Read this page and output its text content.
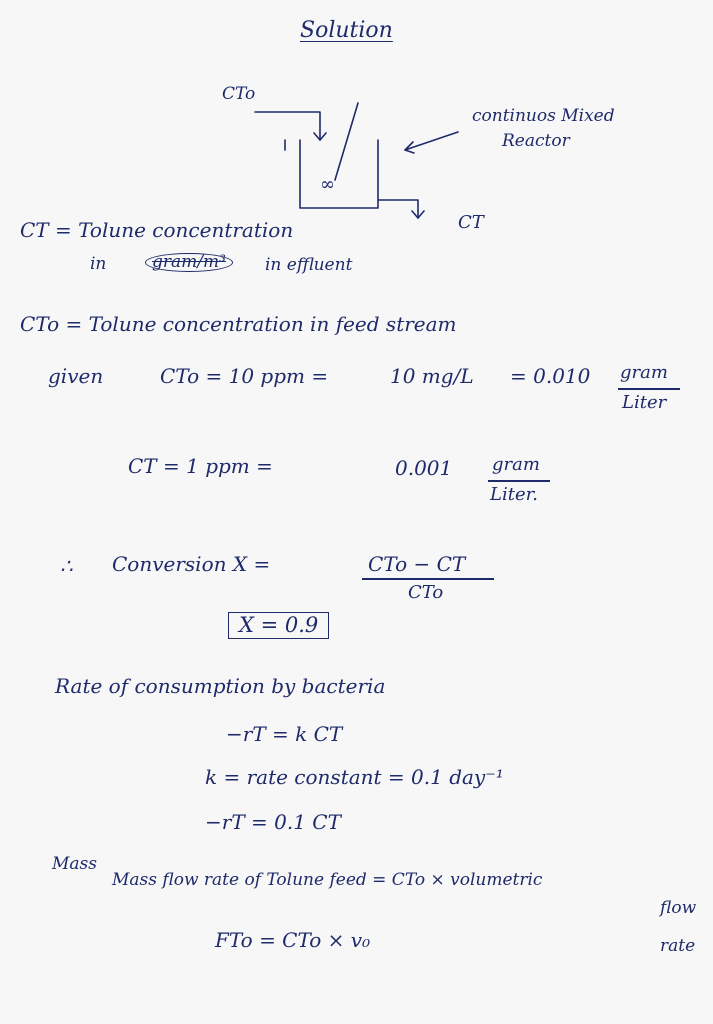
Solution
CTo
∞
CT
continuos Mixed
Reactor
CT = Tolune concentration
in	gram/m³	in effluent
CTo = Tolune concentration in feed stream
given	CTo = 10 ppm =	10 mg/L = 0.010 gram
Liter
CT = 1 ppm =	0.001 gram
Liter.
∴ Conversion X =	CTo − CT
CTo
X = 0.9
Rate of consumption by bacteria
−rT = k CT
k = rate constant = 0.1 day⁻¹
−rT = 0.1 CT
Mass
Mass flow rate of Tolune feed = CTo × volumetric
flow
rate
FTo = CTo × v₀
